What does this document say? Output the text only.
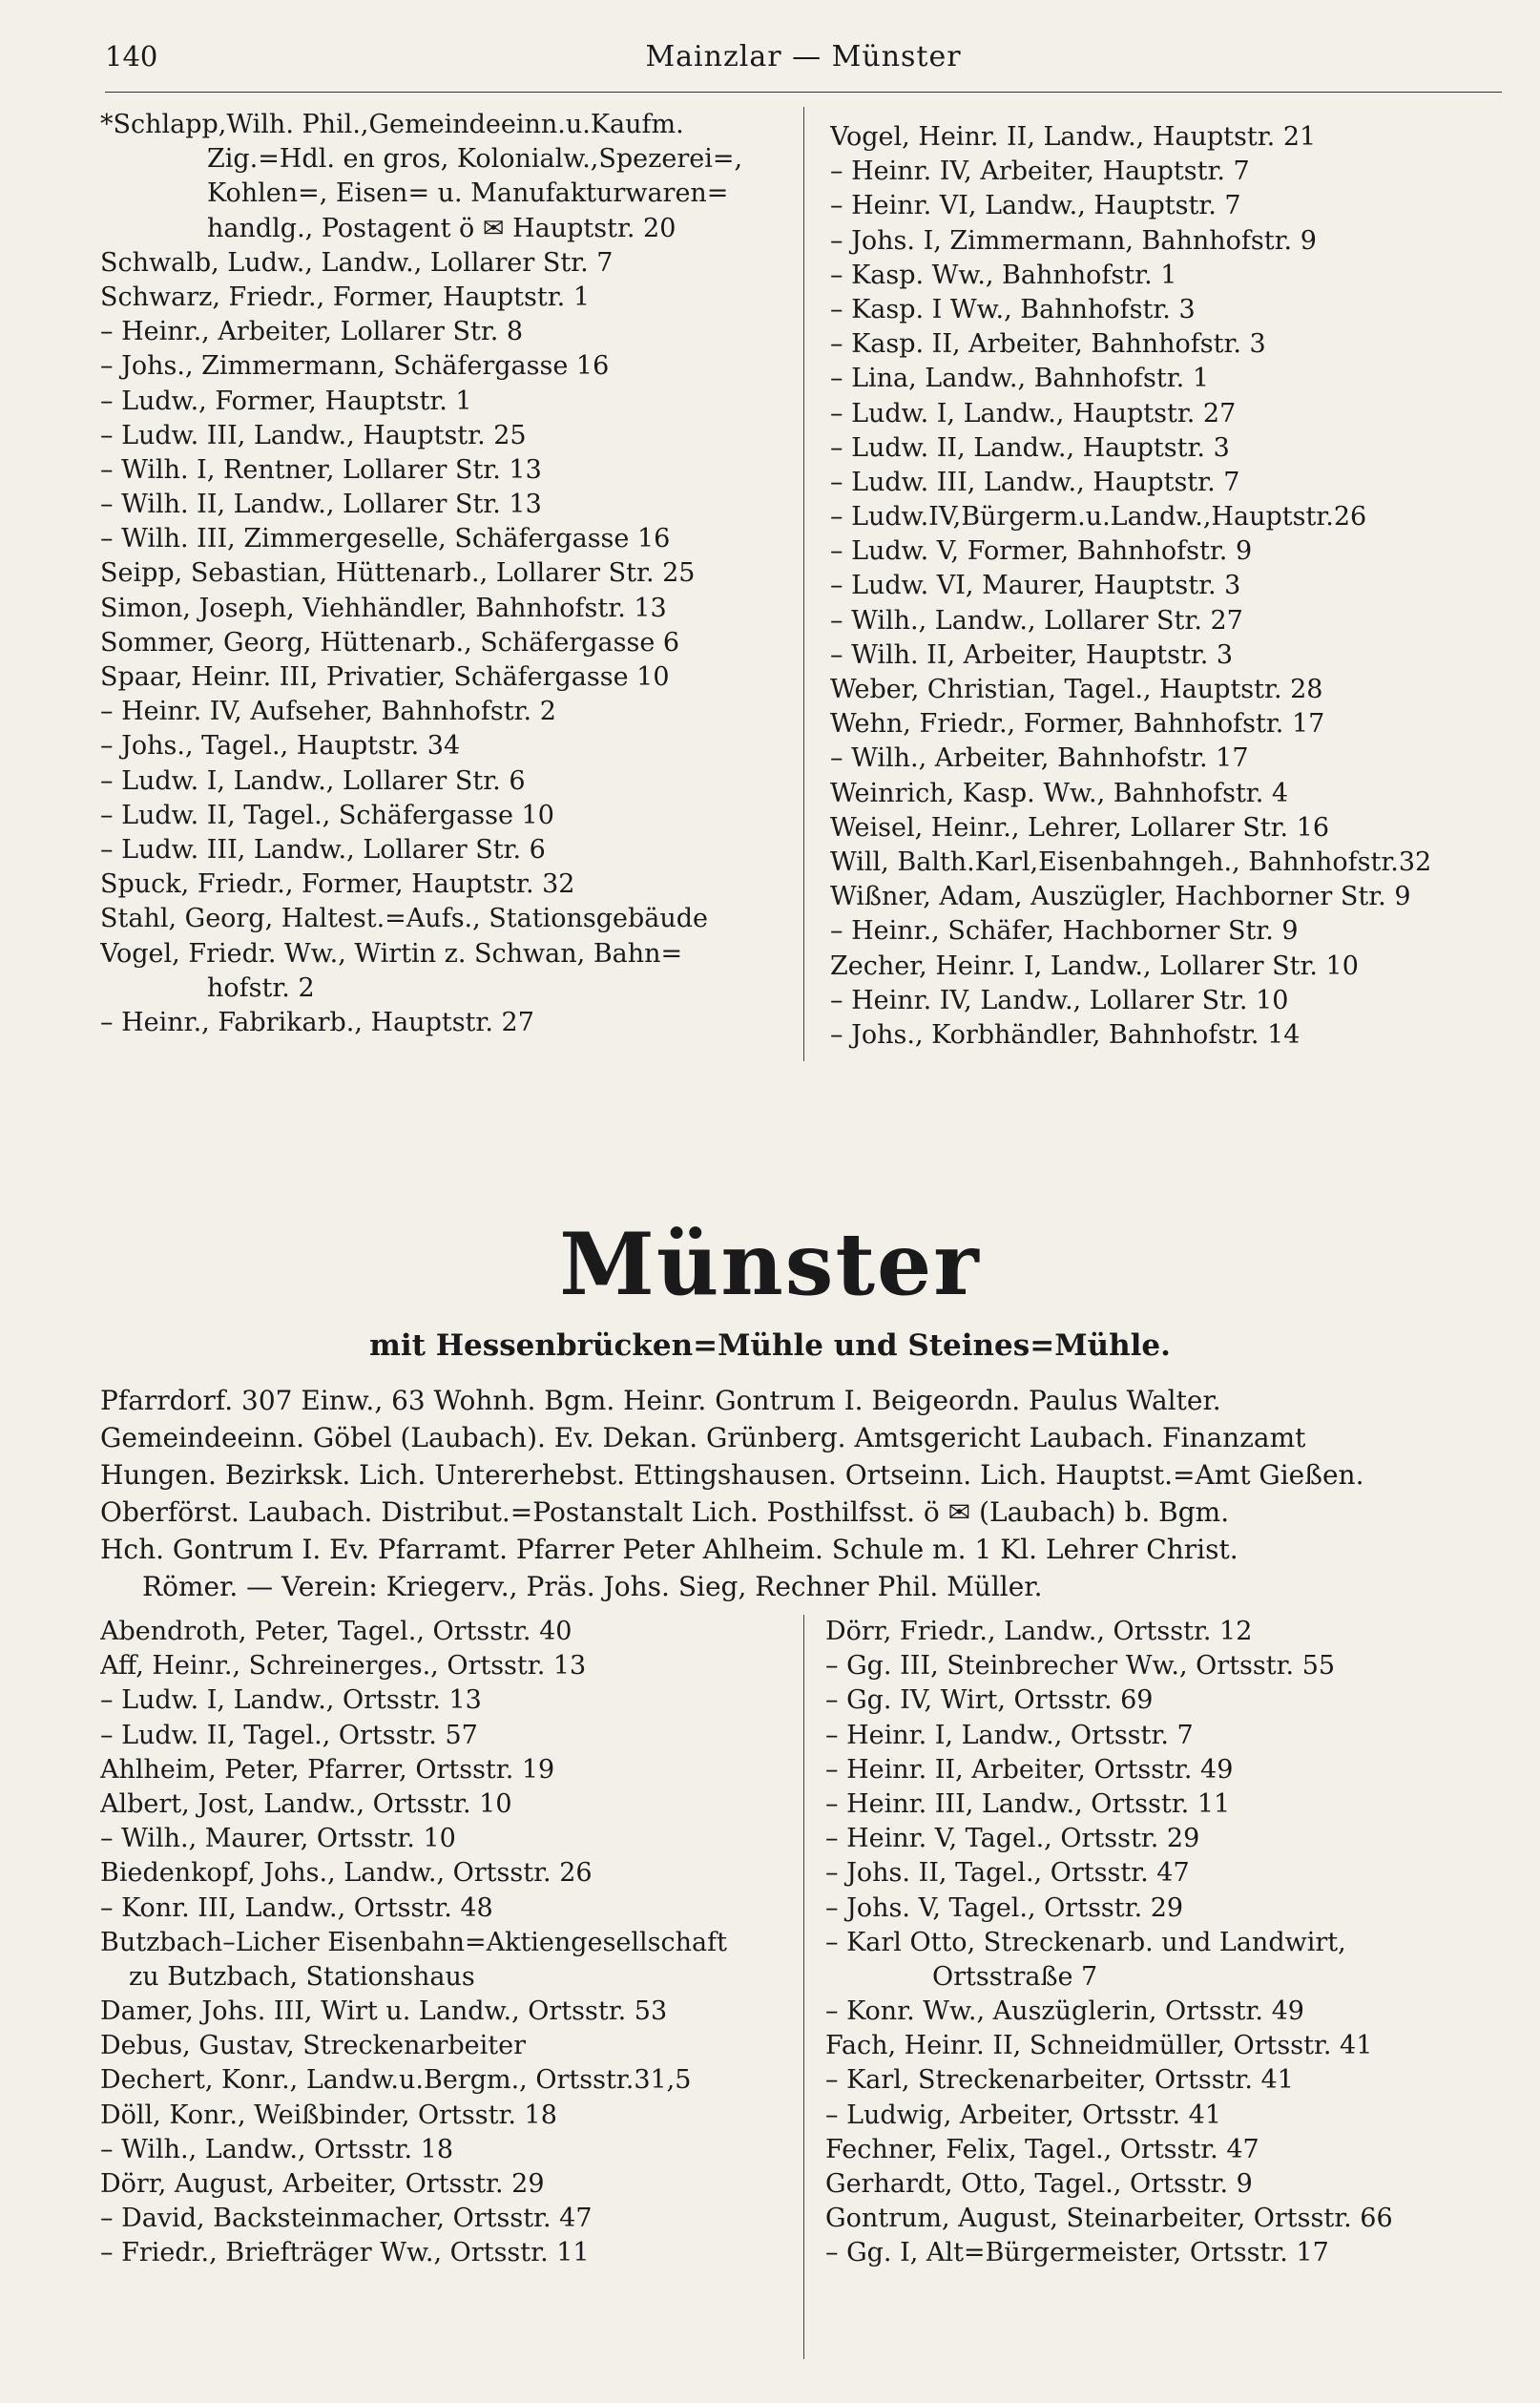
140	Mainzlar — Münster
*Schlapp,Wilh. Phil.,Gemeindeeinn.u.Kaufm.
Zig.=Hdl. en gros, Kolonialw.,Spezerei=,
Kohlen=, Eisen= u. Manufakturwaren=
handlg., Postagent ö ✉ Hauptstr. 20
Schwalb, Ludw., Landw., Lollarer Str. 7
Schwarz, Friedr., Former, Hauptstr. 1
– Heinr., Arbeiter, Lollarer Str. 8
– Johs., Zimmermann, Schäfergasse 16
– Ludw., Former, Hauptstr. 1
– Ludw. III, Landw., Hauptstr. 25
– Wilh. I, Rentner, Lollarer Str. 13
– Wilh. II, Landw., Lollarer Str. 13
– Wilh. III, Zimmergeselle, Schäfergasse 16
Seipp, Sebastian, Hüttenarb., Lollarer Str. 25
Simon, Joseph, Viehhändler, Bahnhofstr. 13
Sommer, Georg, Hüttenarb., Schäfergasse 6
Spaar, Heinr. III, Privatier, Schäfergasse 10
– Heinr. IV, Aufseher, Bahnhofstr. 2
– Johs., Tagel., Hauptstr. 34
– Ludw. I, Landw., Lollarer Str. 6
– Ludw. II, Tagel., Schäfergasse 10
– Ludw. III, Landw., Lollarer Str. 6
Spuck, Friedr., Former, Hauptstr. 32
Stahl, Georg, Haltest.=Aufs., Stationsgebäude
Vogel, Friedr. Ww., Wirtin z. Schwan, Bahn=
hofstr. 2
– Heinr., Fabrikarb., Hauptstr. 27
Vogel, Heinr. II, Landw., Hauptstr. 21
– Heinr. IV, Arbeiter, Hauptstr. 7
– Heinr. VI, Landw., Hauptstr. 7
– Johs. I, Zimmermann, Bahnhofstr. 9
– Kasp. Ww., Bahnhofstr. 1
– Kasp. I Ww., Bahnhofstr. 3
– Kasp. II, Arbeiter, Bahnhofstr. 3
– Lina, Landw., Bahnhofstr. 1
– Ludw. I, Landw., Hauptstr. 27
– Ludw. II, Landw., Hauptstr. 3
– Ludw. III, Landw., Hauptstr. 7
– Ludw.IV,Bürgerm.u.Landw.,Hauptstr.26
– Ludw. V, Former, Bahnhofstr. 9
– Ludw. VI, Maurer, Hauptstr. 3
– Wilh., Landw., Lollarer Str. 27
– Wilh. II, Arbeiter, Hauptstr. 3
Weber, Christian, Tagel., Hauptstr. 28
Wehn, Friedr., Former, Bahnhofstr. 17
– Wilh., Arbeiter, Bahnhofstr. 17
Weinrich, Kasp. Ww., Bahnhofstr. 4
Weisel, Heinr., Lehrer, Lollarer Str. 16
Will, Balth.Karl,Eisenbahngeh., Bahnhofstr.32
Wißner, Adam, Auszügler, Hachborner Str. 9
– Heinr., Schäfer, Hachborner Str. 9
Zecher, Heinr. I, Landw., Lollarer Str. 10
– Heinr. IV, Landw., Lollarer Str. 10
– Johs., Korbhändler, Bahnhofstr. 14
Münster
mit Hessenbrücken=Mühle und Steines=Mühle.
Pfarrdorf. 307 Einw., 63 Wohnh. Bgm. Heinr. Gontrum I. Beigeordn. Paulus Walter.
Gemeindeeinn. Göbel (Laubach). Ev. Dekan. Grünberg. Amtsgericht Laubach. Finanzamt
Hungen. Bezirksk. Lich. Untererhebst. Ettingshausen. Ortseinn. Lich. Hauptst.=Amt Gießen.
Oberförst. Laubach. Distribut.=Postanstalt Lich. Posthilfsst. ö ✉ (Laubach) b. Bgm.
Hch. Gontrum I. Ev. Pfarramt. Pfarrer Peter Ahlheim. Schule m. 1 Kl. Lehrer Christ.
Römer. — Verein: Kriegerv., Präs. Johs. Sieg, Rechner Phil. Müller.
Abendroth, Peter, Tagel., Ortsstr. 40
Aff, Heinr., Schreinerges., Ortsstr. 13
– Ludw. I, Landw., Ortsstr. 13
– Ludw. II, Tagel., Ortsstr. 57
Ahlheim, Peter, Pfarrer, Ortsstr. 19
Albert, Jost, Landw., Ortsstr. 10
– Wilh., Maurer, Ortsstr. 10
Biedenkopf, Johs., Landw., Ortsstr. 26
– Konr. III, Landw., Ortsstr. 48
Butzbach–Licher Eisenbahn=Aktiengesellschaft
zu Butzbach, Stationshaus
Damer, Johs. III, Wirt u. Landw., Ortsstr. 53
Debus, Gustav, Streckenarbeiter
Dechert, Konr., Landw.u.Bergm., Ortsstr.31,5
Döll, Konr., Weißbinder, Ortsstr. 18
– Wilh., Landw., Ortsstr. 18
Dörr, August, Arbeiter, Ortsstr. 29
– David, Backsteinmacher, Ortsstr. 47
– Friedr., Briefträger Ww., Ortsstr. 11
Dörr, Friedr., Landw., Ortsstr. 12
– Gg. III, Steinbrecher Ww., Ortsstr. 55
– Gg. IV, Wirt, Ortsstr. 69
– Heinr. I, Landw., Ortsstr. 7
– Heinr. II, Arbeiter, Ortsstr. 49
– Heinr. III, Landw., Ortsstr. 11
– Heinr. V, Tagel., Ortsstr. 29
– Johs. II, Tagel., Ortsstr. 47
– Johs. V, Tagel., Ortsstr. 29
– Karl Otto, Streckenarb. und Landwirt,
Ortsstraße 7
– Konr. Ww., Auszüglerin, Ortsstr. 49
Fach, Heinr. II, Schneidmüller, Ortsstr. 41
– Karl, Streckenarbeiter, Ortsstr. 41
– Ludwig, Arbeiter, Ortsstr. 41
Fechner, Felix, Tagel., Ortsstr. 47
Gerhardt, Otto, Tagel., Ortsstr. 9
Gontrum, August, Steinarbeiter, Ortsstr. 66
– Gg. I, Alt=Bürgermeister, Ortsstr. 17
